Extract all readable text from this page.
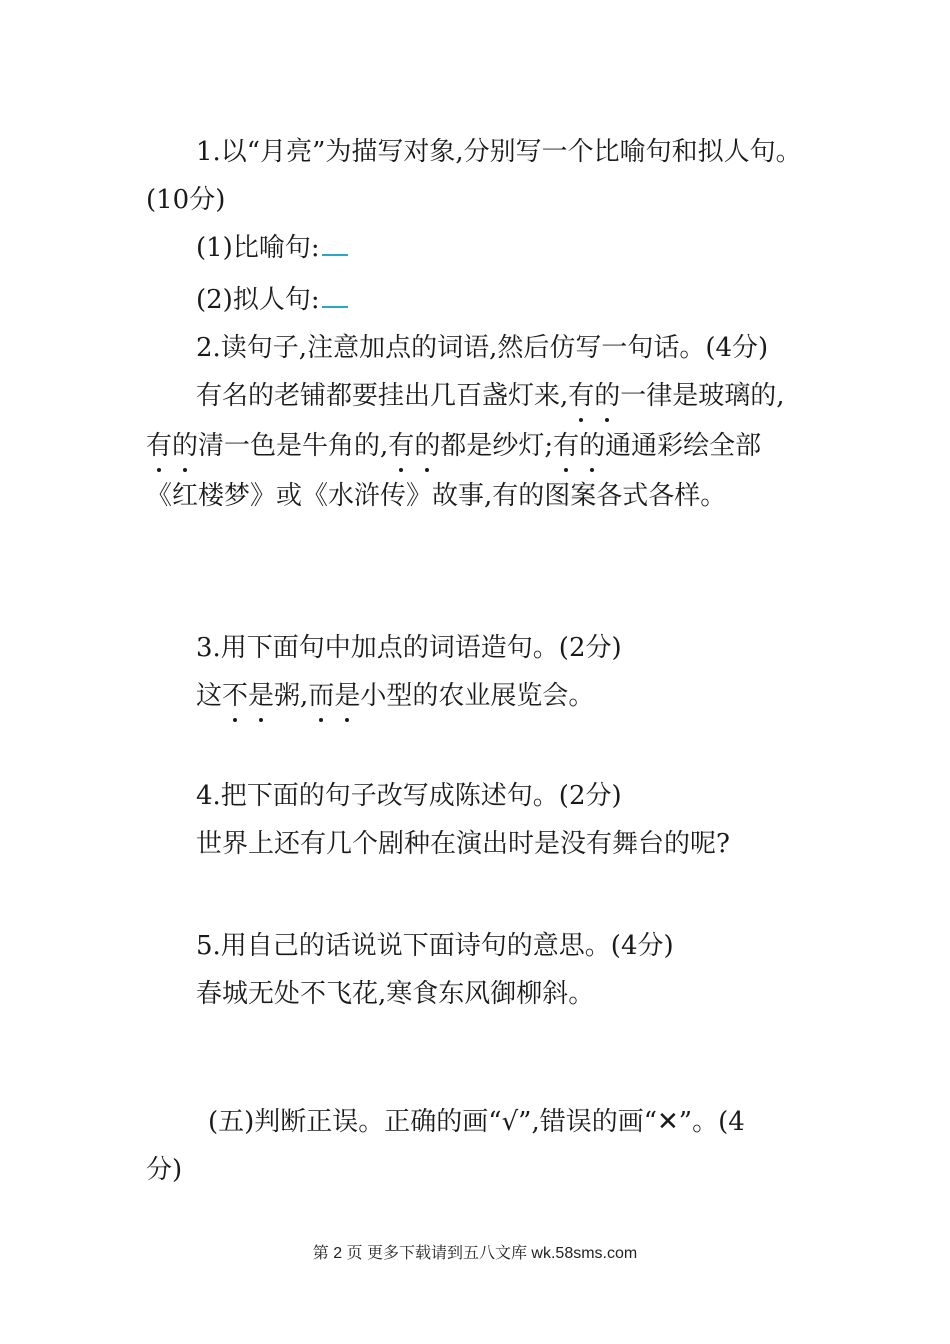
1.以“月亮”为描写对象,分别写一个比喻句和拟人句。
(10分)
(1)比喻句:
(2)拟人句:
2.读句子,注意加点的词语,然后仿写一句话。(4分)
有名的老铺都要挂出几百盏灯来,有的一律是玻璃的,
有的清一色是牛角的,有的都是纱灯;有的通通彩绘全部
《红楼梦》或《水浒传》故事,有的图案各式各样。
3.用下面句中加点的词语造句。(2分)
这不是粥,而是小型的农业展览会。
4.把下面的句子改写成陈述句。(2分)
世界上还有几个剧种在演出时是没有舞台的呢?
5.用自己的话说说下面诗句的意思。(4分)
春城无处不飞花,寒食东风御柳斜。
(五)判断正误。正确的画“√”,错误的画“✕”。(4
分)
第 2 页 更多下载请到五八文库 wk.58sms.com
